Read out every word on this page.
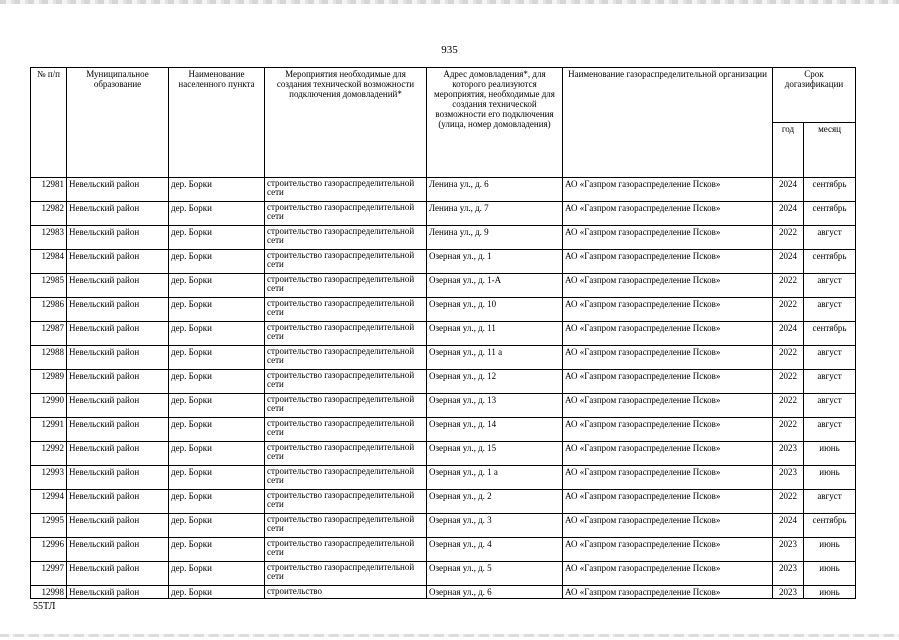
935
№ п/п	Муниципальное образование	Наименование населенного пункта	Мероприятия необходимые для создания технической возможности подключения домовладений*	Адрес домовладения*, для которого реализуются мероприятия, необходимые для создания технической возможности его подключения (улица, номер домовладения)	Наименование газораспределительной организации	Срок догазификации	
						год	месяц
12981	Невельский район	дер. Борки	строительство газораспределительной сети	Ленина ул., д. 6	АО «Газпром газораспределение Псков»	2024	сентябрь
12982	Невельский район	дер. Борки	строительство газораспределительной сети	Ленина ул., д. 7	АО «Газпром газораспределение Псков»	2024	сентябрь
12983	Невельский район	дер. Борки	строительство газораспределительной сети	Ленина ул., д. 9	АО «Газпром газораспределение Псков»	2022	август
12984	Невельский район	дер. Борки	строительство газораспределительной сети	Озерная ул., д. 1	АО «Газпром газораспределение Псков»	2024	сентябрь
12985	Невельский район	дер. Борки	строительство газораспределительной сети	Озерная ул., д. 1-А	АО «Газпром газораспределение Псков»	2022	август
12986	Невельский район	дер. Борки	строительство газораспределительной сети	Озерная ул., д. 10	АО «Газпром газораспределение Псков»	2022	август
12987	Невельский район	дер. Борки	строительство газораспределительной сети	Озерная ул., д. 11	АО «Газпром газораспределение Псков»	2024	сентябрь
12988	Невельский район	дер. Борки	строительство газораспределительной сети	Озерная ул., д. 11 а	АО «Газпром газораспределение Псков»	2022	август
12989	Невельский район	дер. Борки	строительство газораспределительной сети	Озерная ул., д. 12	АО «Газпром газораспределение Псков»	2022	август
12990	Невельский район	дер. Борки	строительство газораспределительной сети	Озерная ул., д. 13	АО «Газпром газораспределение Псков»	2022	август
12991	Невельский район	дер. Борки	строительство газораспределительной сети	Озерная ул., д. 14	АО «Газпром газораспределение Псков»	2022	август
12992	Невельский район	дер. Борки	строительство газораспределительной сети	Озерная ул., д. 15	АО «Газпром газораспределение Псков»	2023	июнь
12993	Невельский район	дер. Борки	строительство газораспределительной сети	Озерная ул., д. 1 а	АО «Газпром газораспределение Псков»	2023	июнь
12994	Невельский район	дер. Борки	строительство газораспределительной сети	Озерная ул., д. 2	АО «Газпром газораспределение Псков»	2022	август
12995	Невельский район	дер. Борки	строительство газораспределительной сети	Озерная ул., д. 3	АО «Газпром газораспределение Псков»	2024	сентябрь
12996	Невельский район	дер. Борки	строительство газораспределительной сети	Озерная ул., д. 4	АО «Газпром газораспределение Псков»	2023	июнь
12997	Невельский район	дер. Борки	строительство газораспределительной сети	Озерная ул., д. 5	АО «Газпром газораспределение Псков»	2023	июнь
12998	Невельский район	дер. Борки	строительство	Озерная ул., д. 6	АО «Газпром газораспределение Псков»	2023	июнь
55ТЛ
